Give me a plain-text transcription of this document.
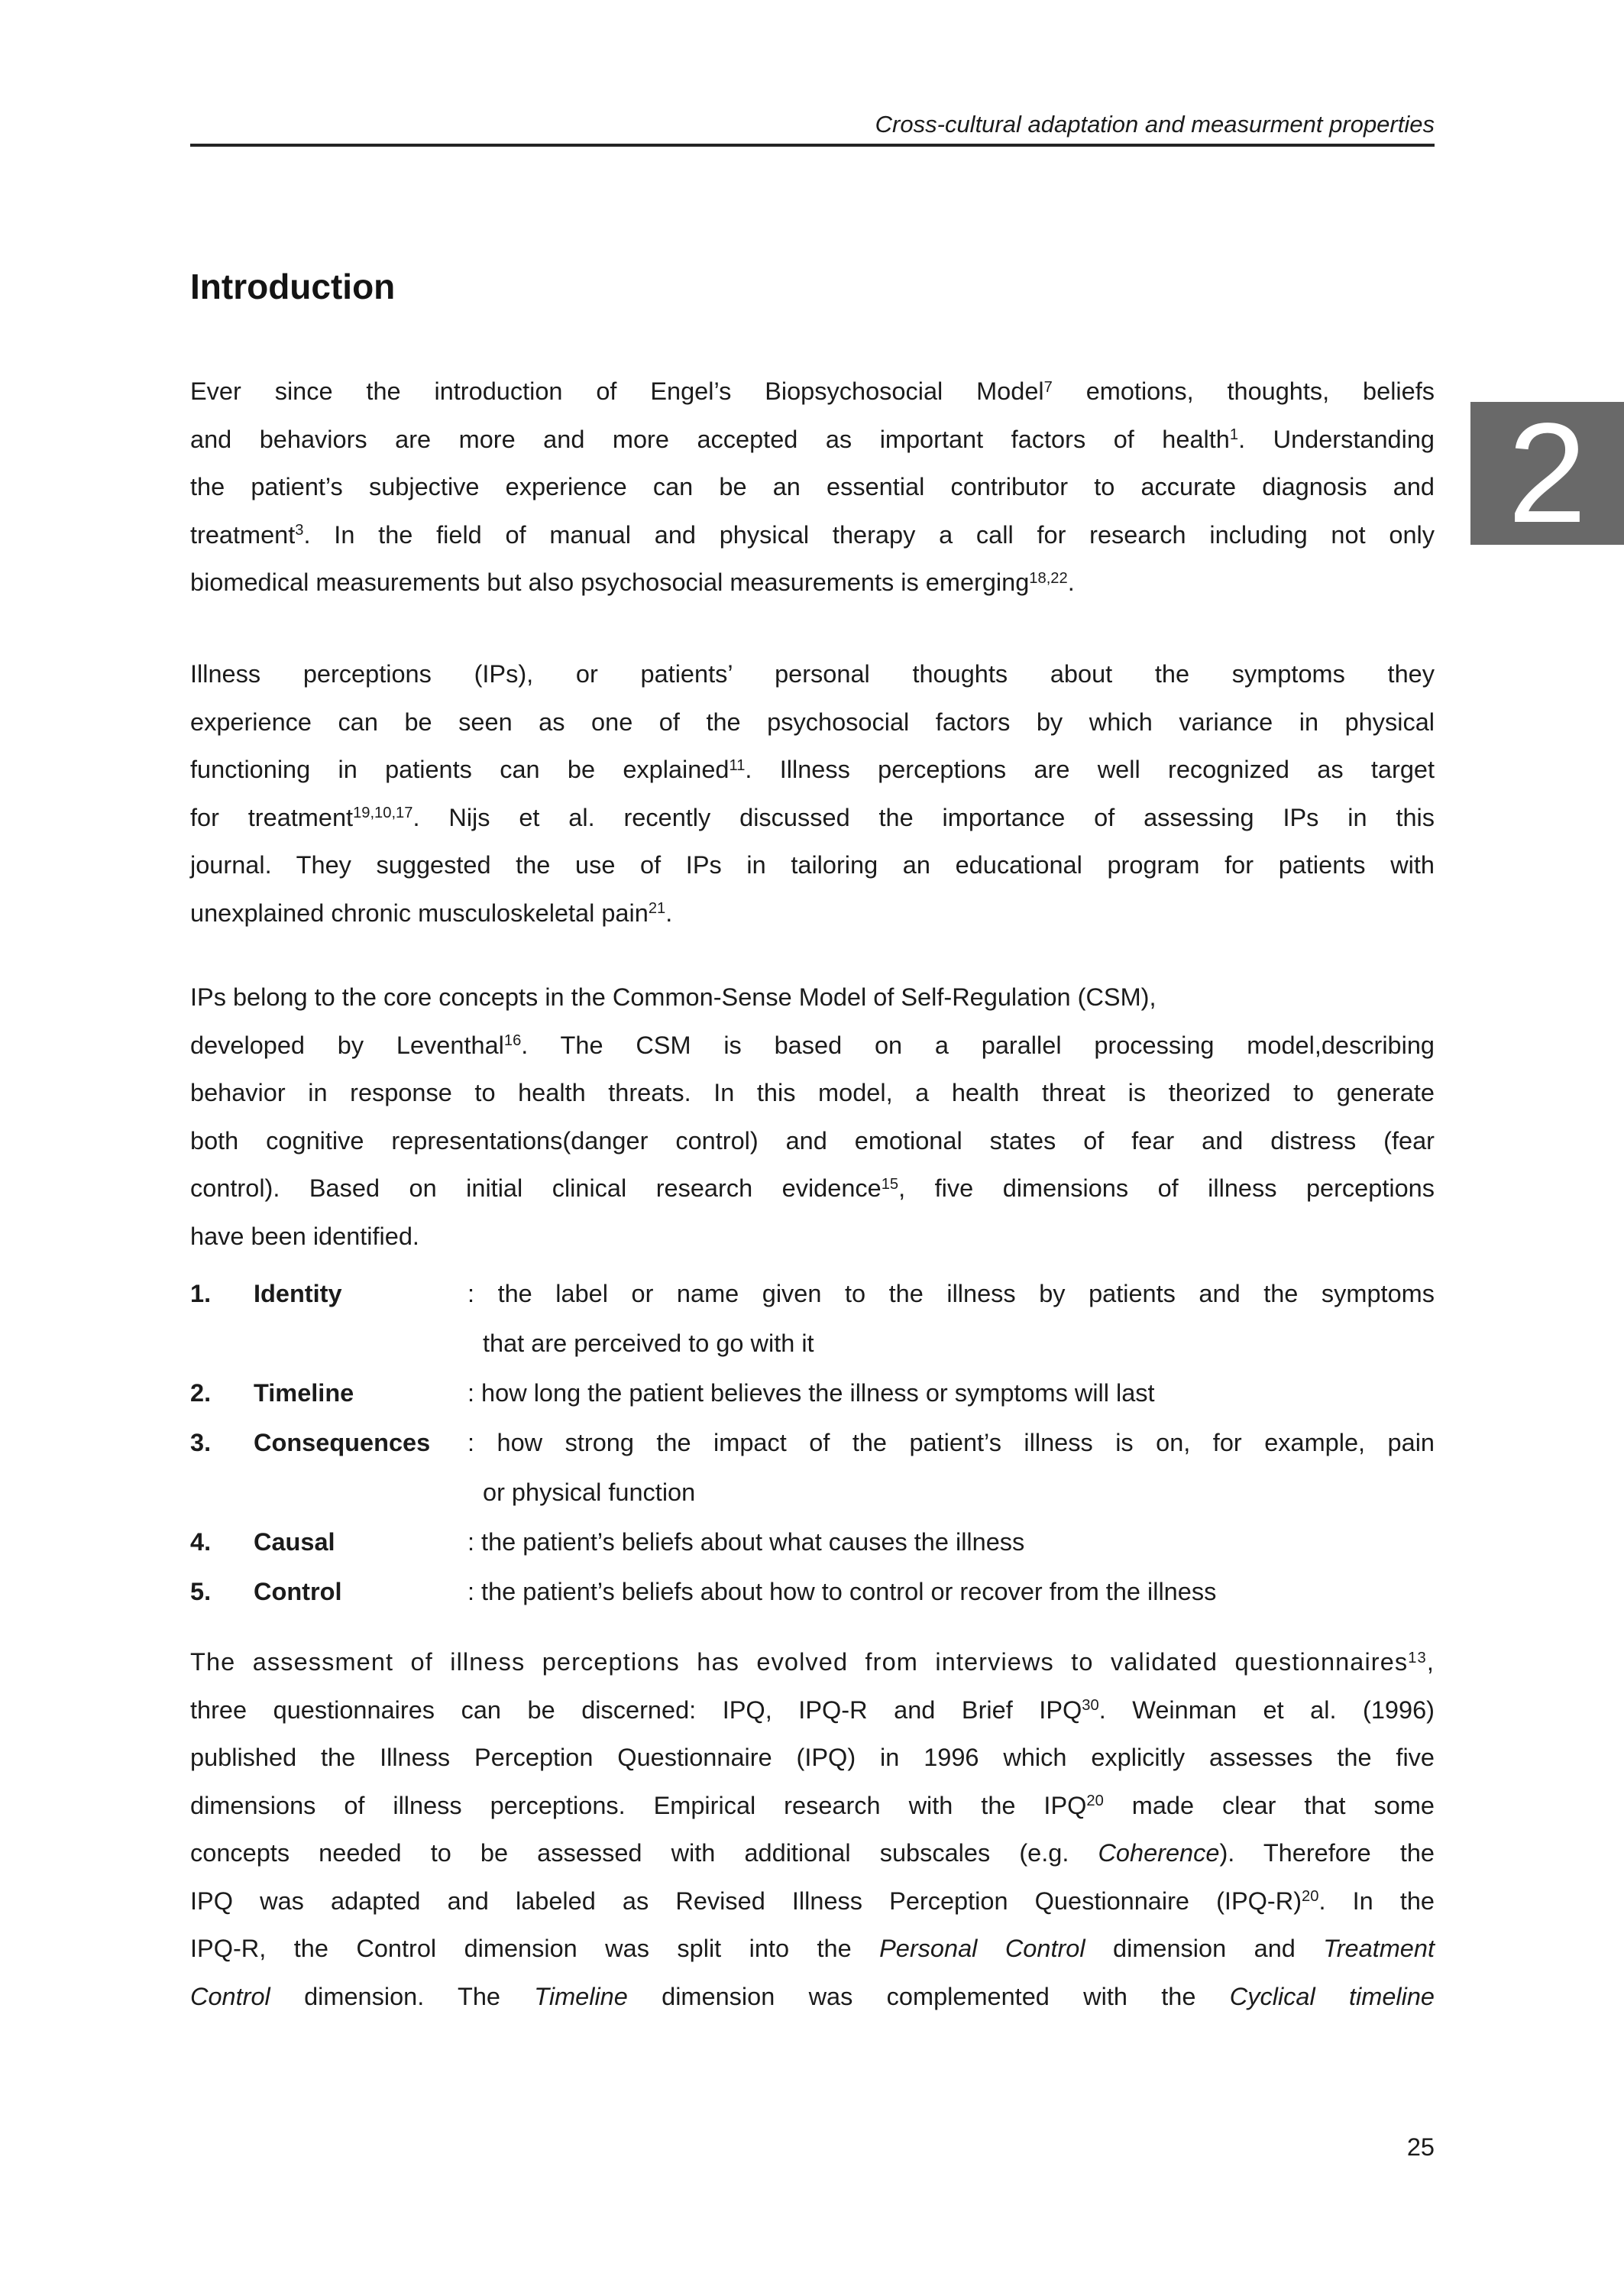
Cross-cultural adaptation and measurment properties
2
Introduction
Ever since the introduction of Engel’s Biopsychosocial Model$^7$ emotions, thoughts, beliefs
and behaviors are more and more accepted as important factors of health$^1$. Understanding
the patient’s subjective experience can be an essential contributor to accurate diagnosis and
treatment$^3$. In the field of manual and physical therapy a call for research including not only
biomedical measurements but also psychosocial measurements is emerging$^{18,22}$.
Illness perceptions (IPs), or patients’ personal thoughts about the symptoms they
experience can be seen as one of the psychosocial factors by which variance in physical
functioning in patients can be explained$^{11}$. Illness perceptions are well recognized as target
for treatment$^{19,10,17}$. Nijs et al. recently discussed the importance of assessing IPs in this
journal. They suggested the use of IPs in tailoring an educational program for patients with
unexplained chronic musculoskeletal pain$^{21}$.
IPs belong to the core concepts in the Common-Sense Model of Self-Regulation (CSM),
developed by Leventhal$^{16}$. The CSM is based on a parallel processing model,describing
behavior in response to health threats. In this model, a health threat is theorized to generate
both cognitive representations(danger control) and emotional states of fear and distress (fear
control). Based on initial clinical research evidence$^{15}$, five dimensions of illness perceptions
have been identified.
1.	Identity	: the label or name given to the illness by patients and the symptoms
that are perceived to go with it
2.	Timeline	: how long the patient believes the illness or symptoms will last
3.	Consequences	: how strong the impact of the patient’s illness is on, for example, pain
or physical function
4.	Causal	: the patient’s beliefs about what causes the illness
5.	Control	: the patient’s beliefs about how to control or recover from the illness
The assessment of illness perceptions has evolved from interviews to validated questionnaires$^{13}$,
three questionnaires can be discerned: IPQ, IPQ-R and Brief IPQ$^{30}$. Weinman et al. (1996)
published the Illness Perception Questionnaire (IPQ) in 1996 which explicitly assesses the five
dimensions of illness perceptions. Empirical research with the IPQ$^{20}$ made clear that some
concepts needed to be assessed with additional subscales (e.g. Coherence). Therefore the
IPQ was adapted and labeled as Revised Illness Perception Questionnaire $(IPQ-R)^{20}$. In the
IPQ-R, the Control dimension was split into the Personal Control dimension and Treatment
Control dimension. The Timeline dimension was complemented with the Cyclical timeline
25
